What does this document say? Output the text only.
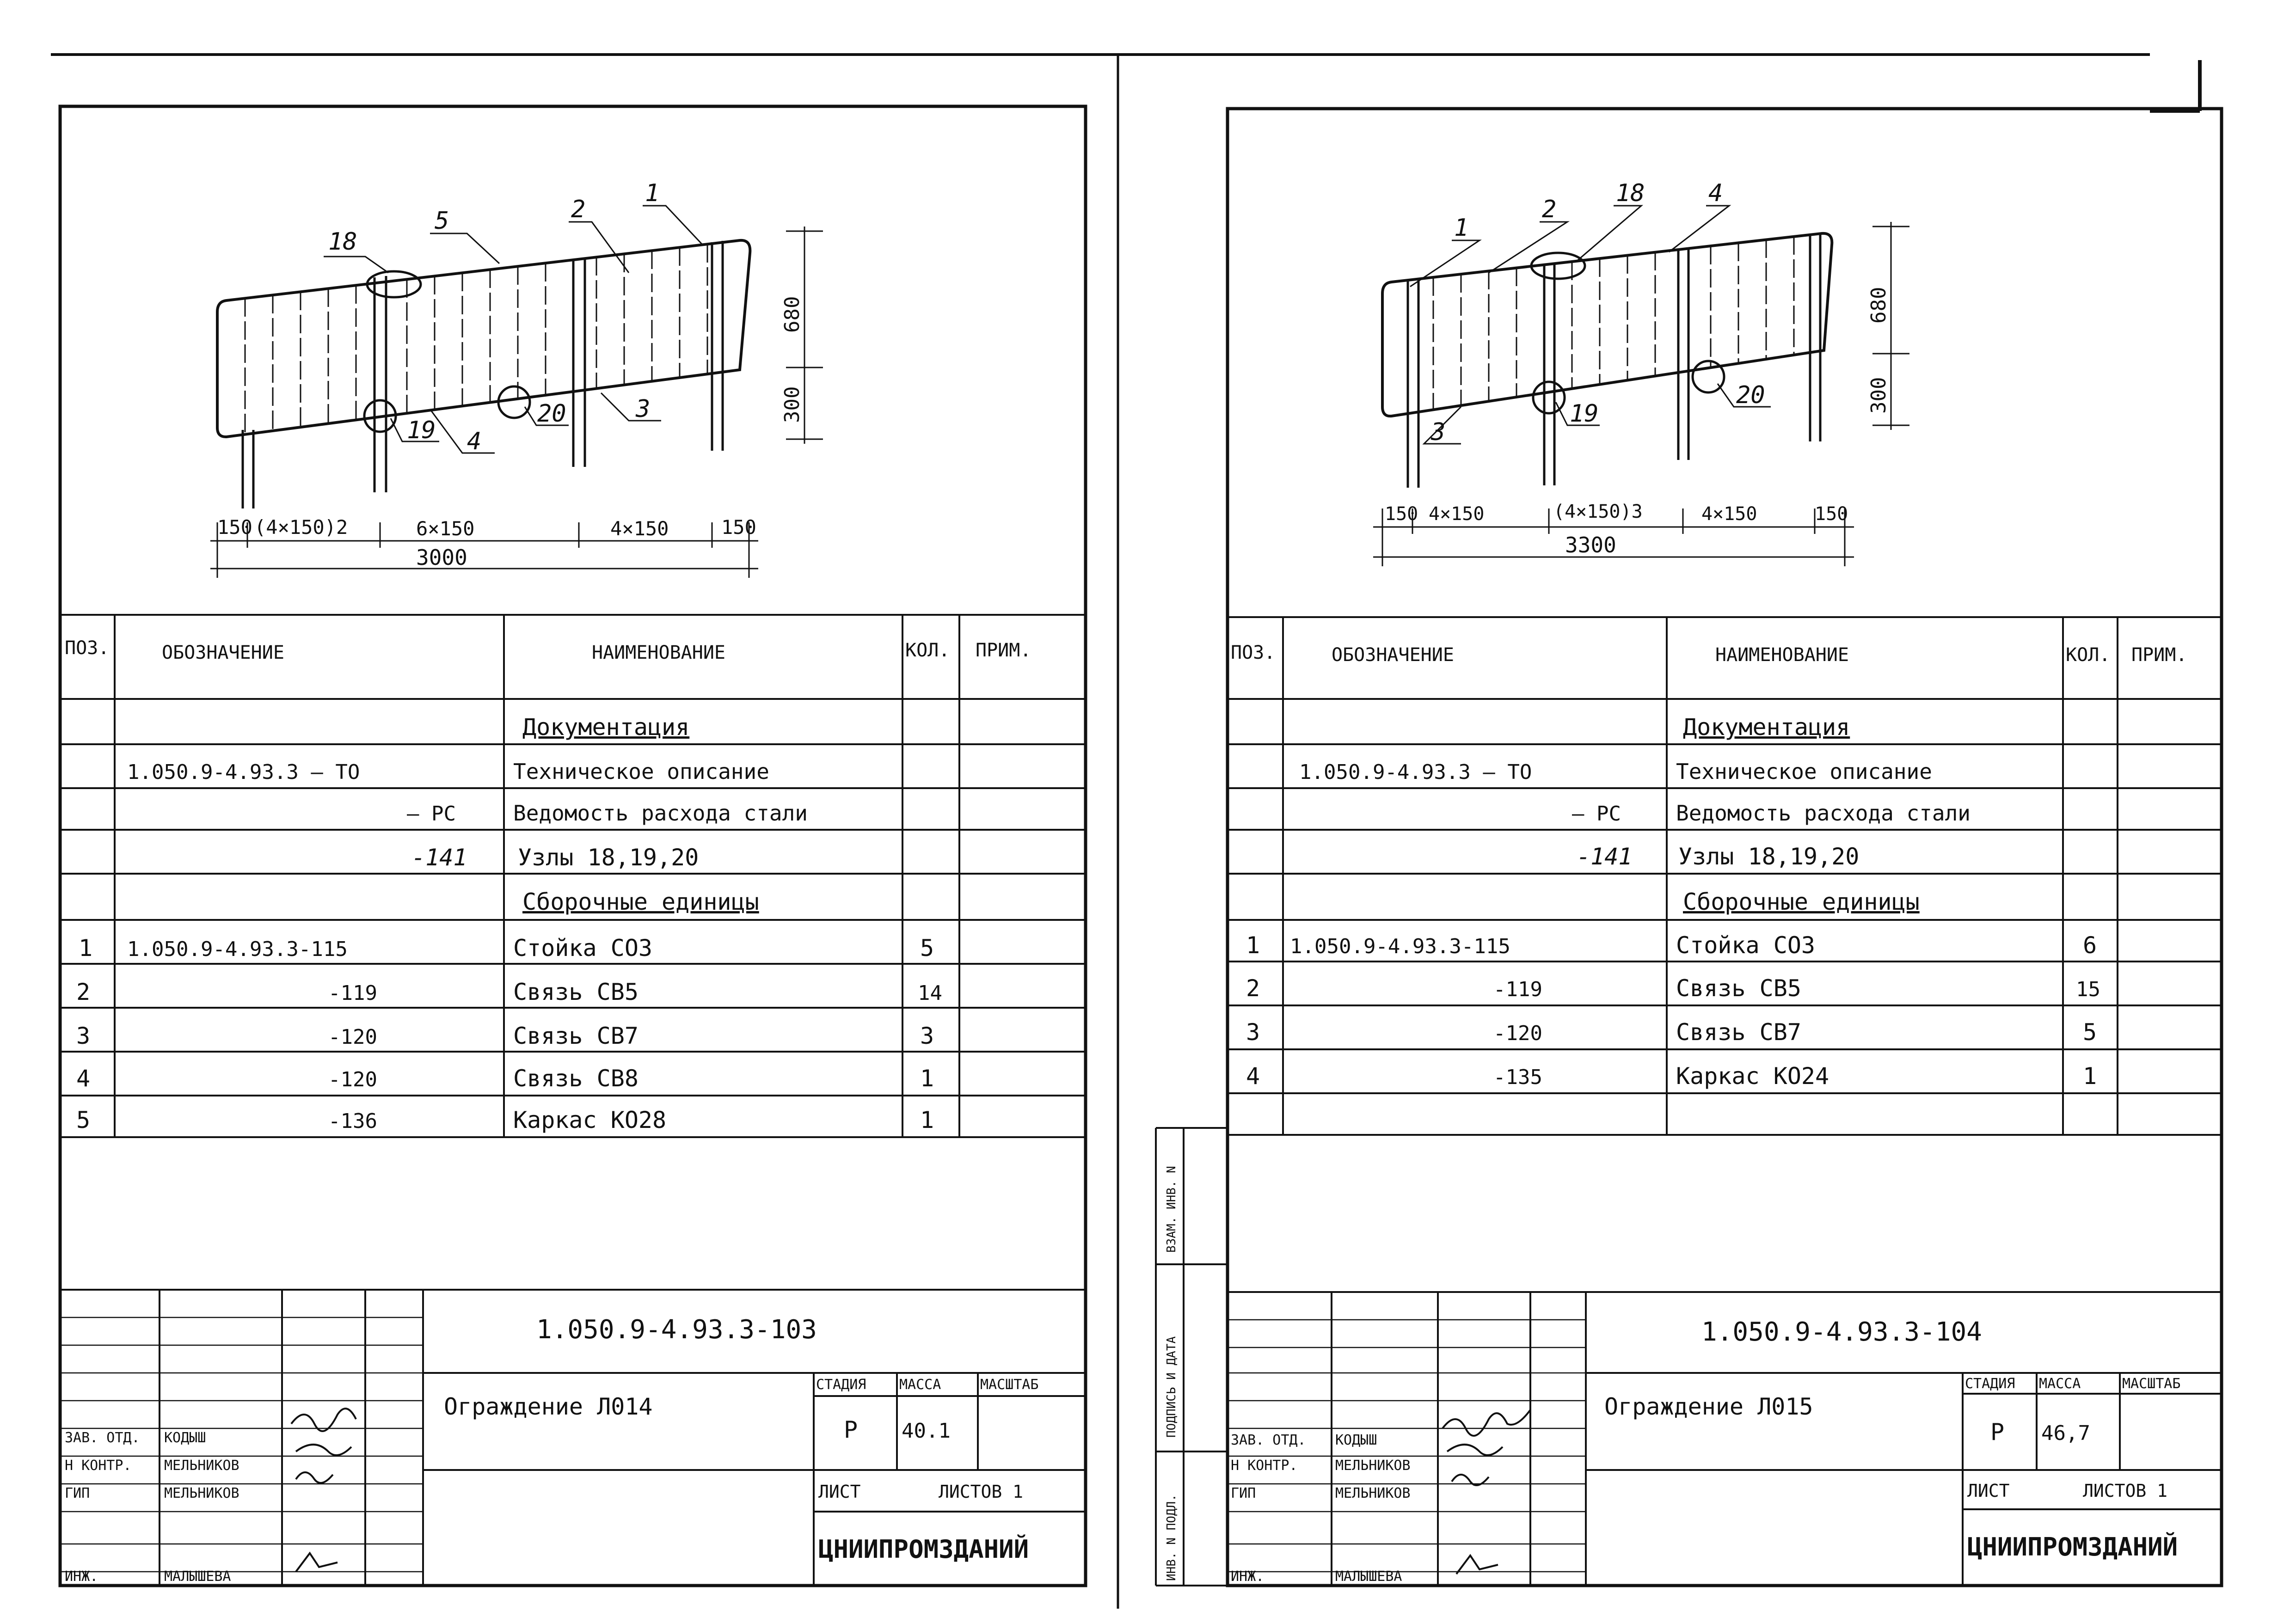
18
5	2
1
19 4
20	3
680
300
150 (4×150)2	6×150	4×150	150
3000
ПОЗ.	ОБОЗНАЧЕНИЕ	НАИМЕНОВАНИЕ	КОЛ. ПРИМ.
Документация
1.050.9-4.93.3 – ТО	Техническое описание
– РС	Ведомость расхода стали
-141 Узлы 18,19,20
Сборочные единицы
1 1.050.9-4.93.3-115	Стойка СО3	5
2	-119	Связь СВ5	14
3	-120	Связь СВ7	3
4	-120	Связь СВ8	1
5	-136	Каркас КО28	1
ЗАВ. ОТД.
Н КОНТР.
ГИП
ИНЖ.
КОДЫШ
МЕЛЬНИКОВ
МЕЛЬНИКОВ
МАЛЫШЕВА
1.050.9-4.93.3-103
Ограждение Л014
СТАДИЯ МАССА	МАСШТАБ
Р 40.1
ЛИСТ	ЛИСТОВ 1
ЦНИИПРОМЗДАНИЙ
ВЗАМ. ИНВ. N
ПОДПИСЬ И ДАТА
ИНВ. N ПОДЛ.
1
2
18	4
19
20
3
680
300
150 4×150	(4×150)3	4×150	150
3300
ПОЗ.	ОБОЗНАЧЕНИЕ	НАИМЕНОВАНИЕ	КОЛ. ПРИМ.
Документация
1.050.9-4.93.3 – ТО	Техническое описание
– РС	Ведомость расхода стали
-141 Узлы 18,19,20
Сборочные единицы
1 1.050.9-4.93.3-115	Стойка СО3	6
2	-119	Связь СВ5	15
3	-120	Связь СВ7	5
4	-135	Каркас КО24	1
ЗАВ. ОТД.
Н КОНТР.
ГИП
ИНЖ.
КОДЫШ
МЕЛЬНИКОВ
МЕЛЬНИКОВ
МАЛЫШЕВА
1.050.9-4.93.3-104
Ограждение Л015
СТАДИЯ МАССА	МАСШТАБ
Р 46,7
ЛИСТ	ЛИСТОВ 1
ЦНИИПРОМЗДАНИЙ
